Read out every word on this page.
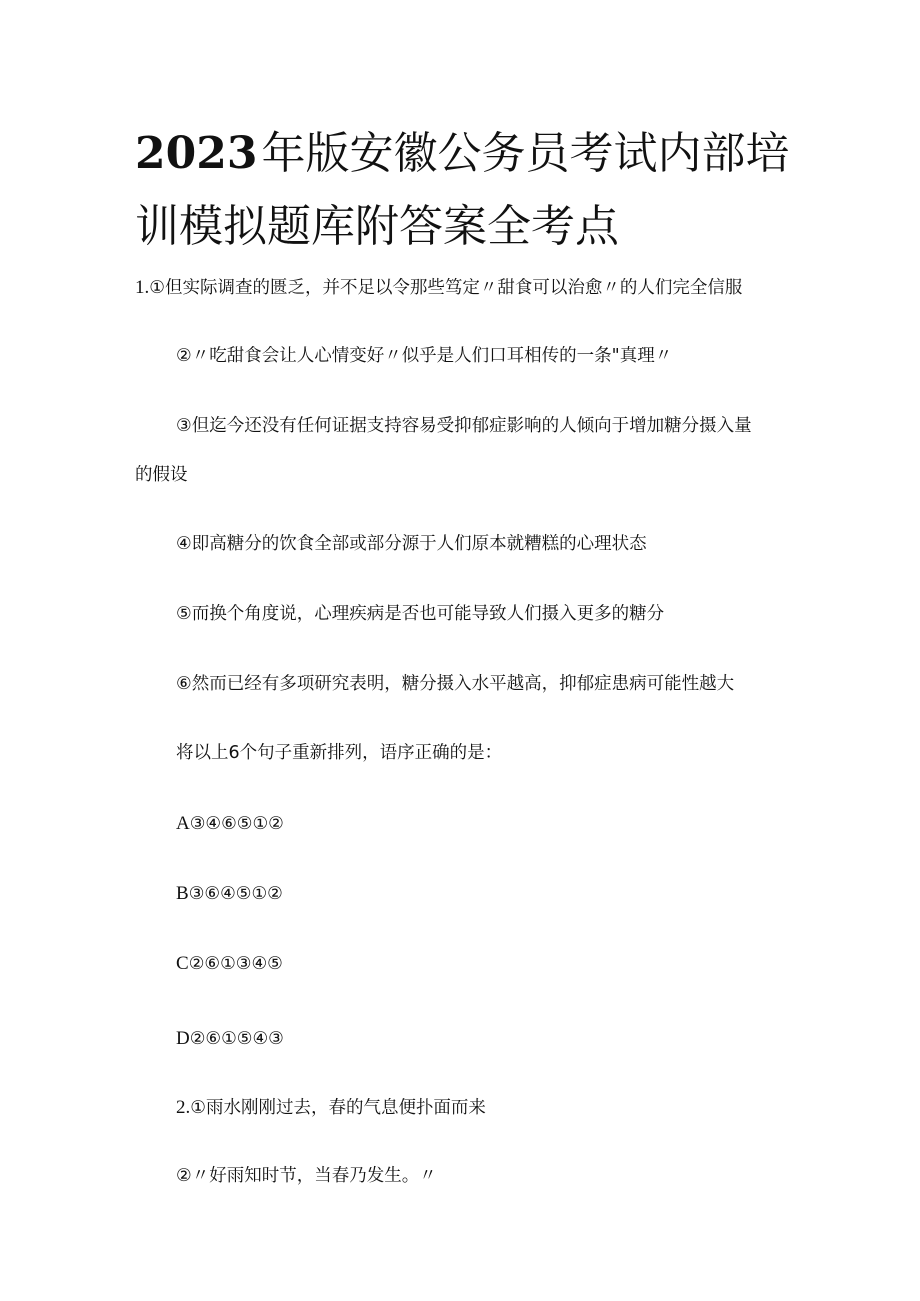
2023年版安徽公务员考试内部培
训模拟题库附答案全考点
1.①但实际调查的匮乏，并不足以令那些笃定〃甜食可以治愈〃的人们完全信服
②〃吃甜食会让人心情变好〃似乎是人们口耳相传的一条"真理〃
③但迄今还没有任何证据支持容易受抑郁症影响的人倾向于增加糖分摄入量
的假设
④即高糖分的饮食全部或部分源于人们原本就糟糕的心理状态
⑤而换个角度说，心理疾病是否也可能导致人们摄入更多的糖分
⑥然而已经有多项研究表明，糖分摄入水平越高，抑郁症患病可能性越大
将以上6个句子重新排列，语序正确的是：
A③④⑥⑤①②
B③⑥④⑤①②
C②⑥①③④⑤
D②⑥①⑤④③
2.①雨水刚刚过去，春的气息便扑面而来
②〃好雨知时节，当春乃发生。〃
